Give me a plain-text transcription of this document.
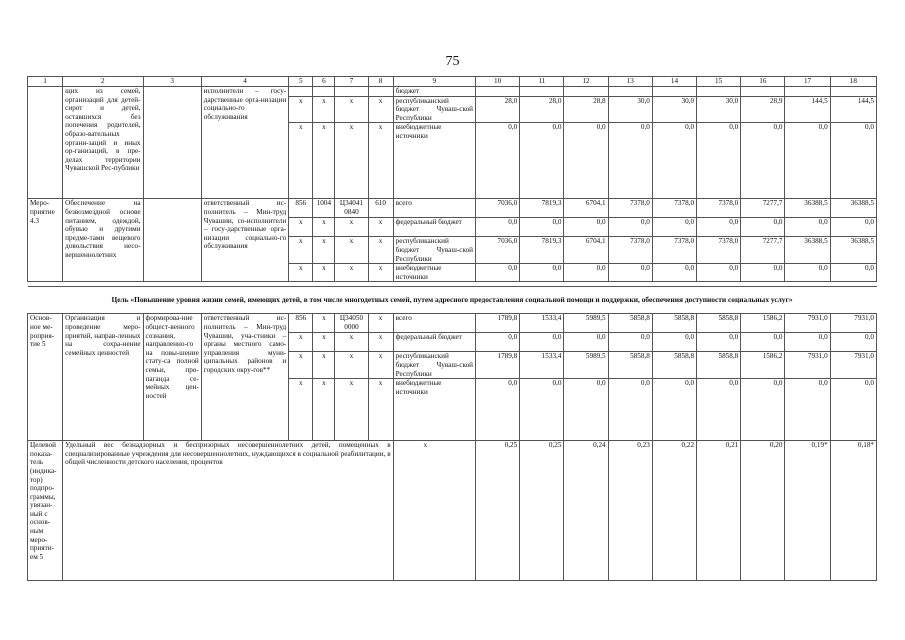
75
1	2	3	4	5	6	7	8	9	10	11	12	13	14	15	16	17	18
	щих из семей, организаций для детей-сирот и детей, оставшихся без попечения родителей, образо-вательных органи-заций и иных ор-ганизаций, в пре-делах территории Чувашской Рес-публики		исполнители – госу-дарственные орга-низации социально-го обслуживания					бюджет									
				x	x	x	x	республиканский бюджет Чуваш-ской Республики	28,0	28,0	28,8	30,0	30,0	30,0	28,9	144,5	144,5
				x	x	x	x	внебюджетные источники	0,0	0,0	0,0	0,0	0,0	0,0	0,0	0,0	0,0
Меро-приятие 4.3	Обеспечение на безвозмездной основе питанием, одеждой, обувью и другими предме-тами вещевого довольствия несо-вершеннолетних		ответственный ис-полнитель – Мин-труд Чувашии, со-исполнители – госу-дарственные орга-низации социально-го обслуживания	856	1004	Ц34041 0840	610	всего	7036,0	7819,3	6704,1	7378,0	7378,0	7378,0	7277,7	36388,5	36388,5
				x	x	x	x	федеральный бюджет	0,0	0,0	0,0	0,0	0,0	0,0	0,0	0,0	0,0
				x	x	x	x	республиканский бюджет Чуваш-ской Республики	7036,0	7819,3	6704,1	7378,0	7378,0	7378,0	7277,7	36388,5	36388,5
				x	x	x	x	внебюджетные источники	0,0	0,0	0,0	0,0	0,0	0,0	0,0	0,0	0,0

Цель «Повышение уровня жизни семей, имеющих детей, в том числе многодетных семей, путем адресного предоставления социальной помощи и поддержки, обеспечения доступности социальных услуг»																	
Основ-ное ме-роприя-тие 5	Организация и проведение меро-приятий, направ-ленных на сохра-нение семейных ценностей	формирова-ние общест-венного сознания, направленно-го на повы-шение стату-са полной семьи, про-паганда се-мейных цен-ностей	ответственный ис-полнитель – Мин-труд Чувашии, уча-стники – органы местного само-управления муни-ципальных районов и городских окру-гов**	856	x	Ц34050 0000	x	всего	1789,8	1533,4	5989,5	5858,8	5858,8	5858,8	1586,2	7931,0	7931,0
				x	x	x	x	федеральный бюджет	0,0	0,0	0,0	0,0	0,0	0,0	0,0	0,0	0,0
				x	x	x	x	республиканский бюджет Чуваш-ской Республики	1789,8	1533,4	5989,5	5858,8	5858,8	5858,8	1586,2	7931,0	7931,0
				x	x	x	x	внебюджетные источники	0,0	0,0	0,0	0,0	0,0	0,0	0,0	0,0	0,0
Целевой показа-тель (индика-тор) подпро-граммы, увязан-ный с основ-ным меро-прияти-ем 5	Удельный вес безнадзорных и беспризорных несовершеннолетних детей, помещенных в специализированные учреждения для несовершеннолетних, нуждающихся в социальной реабилитации, в общей численности детского населения, процентов							x	0,25	0,25	0,24	0,23	0,22	0,21	0,20	0,19*	0,18*
